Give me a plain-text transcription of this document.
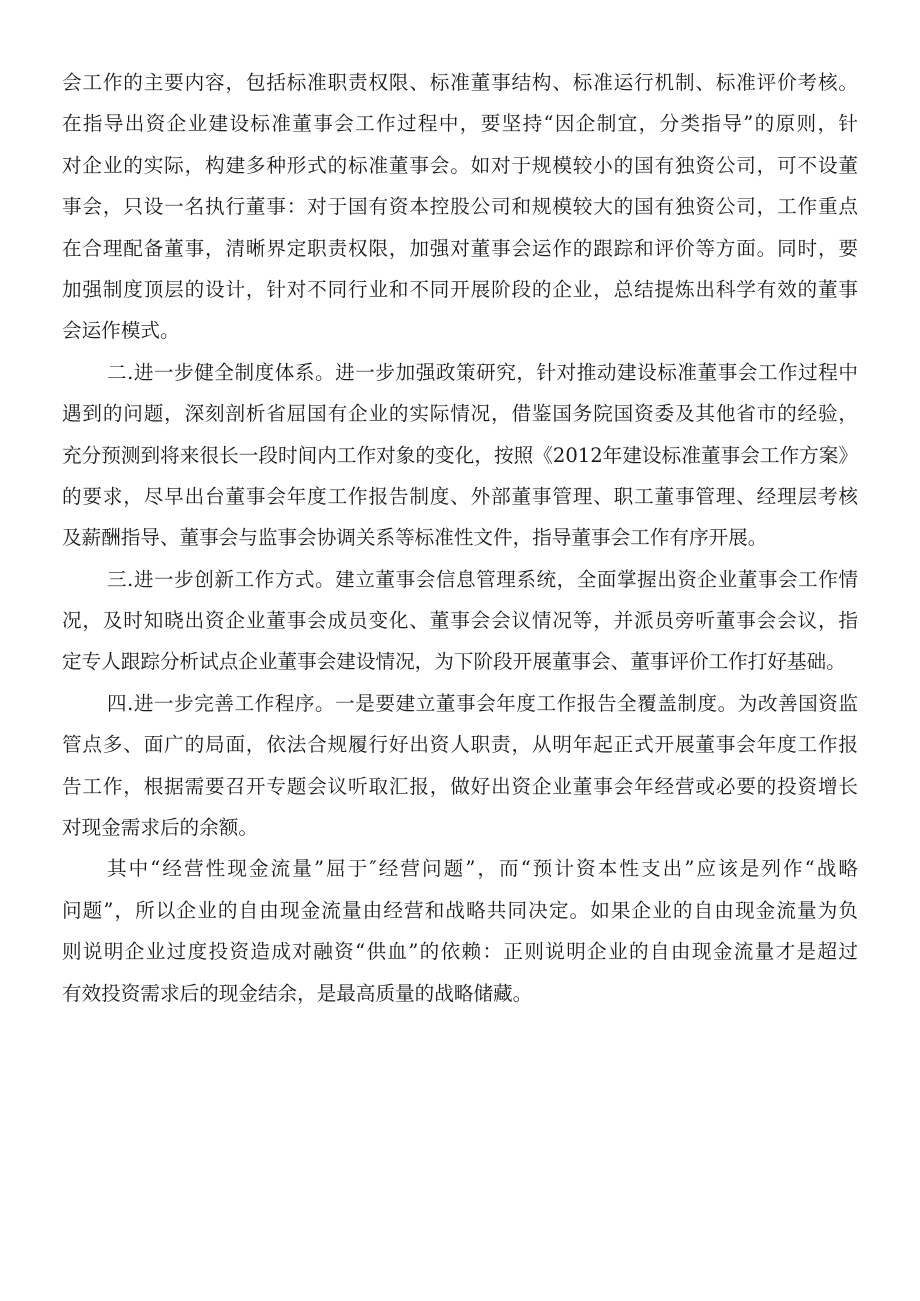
会工作的主要内容，包括标准职责权限、标准董事结构、标准运行机制、标准评价考核。
在指导出资企业建设标准董事会工作过程中，要坚持“因企制宜，分类指导”的原则，针
对企业的实际，构建多种形式的标准董事会。如对于规模较小的国有独资公司，可不设董
事会，只设一名执行董事：对于国有资本控股公司和规模较大的国有独资公司，工作重点
在合理配备董事，清晰界定职责权限，加强对董事会运作的跟踪和评价等方面。同时，要
加强制度顶层的设计，针对不同行业和不同开展阶段的企业，总结提炼出科学有效的董事
会运作模式。
二.进一步健全制度体系。进一步加强政策研究，针对推动建设标准董事会工作过程中
遇到的问题，深刻剖析省屈国有企业的实际情况，借鉴国务院国资委及其他省市的经验，
充分预测到将来很长一段时间内工作对象的变化，按照《2012年建设标准董事会工作方案》
的要求，尽早出台董事会年度工作报告制度、外部董事管理、职工董事管理、经理层考核
及薪酬指导、董事会与监事会协调关系等标准性文件，指导董事会工作有序开展。
三.进一步创新工作方式。建立董事会信息管理系统，全面掌握出资企业董事会工作情
况，及时知晓出资企业董事会成员变化、董事会会议情况等，并派员旁听董事会会议，指
定专人跟踪分析试点企业董事会建设情况，为下阶段开展董事会、董事评价工作打好基础。
四.进一步完善工作程序。一是要建立董事会年度工作报告全覆盖制度。为改善国资监
管点多、面广的局面，依法合规履行好出资人职责，从明年起正式开展董事会年度工作报
告工作，根据需要召开专题会议听取汇报，做好出资企业董事会年经营或必要的投资增长
对现金需求后的余额。
其中“经营性现金流量”屈于″经营问题”，而“预计资本性支出”应该是列作“战略
问题”，所以企业的自由现金流量由经营和战略共同决定。如果企业的自由现金流量为负
则说明企业过度投资造成对融资“供血”的依赖：正则说明企业的自由现金流量才是超过
有效投资需求后的现金结余，是最高质量的战略储藏。
